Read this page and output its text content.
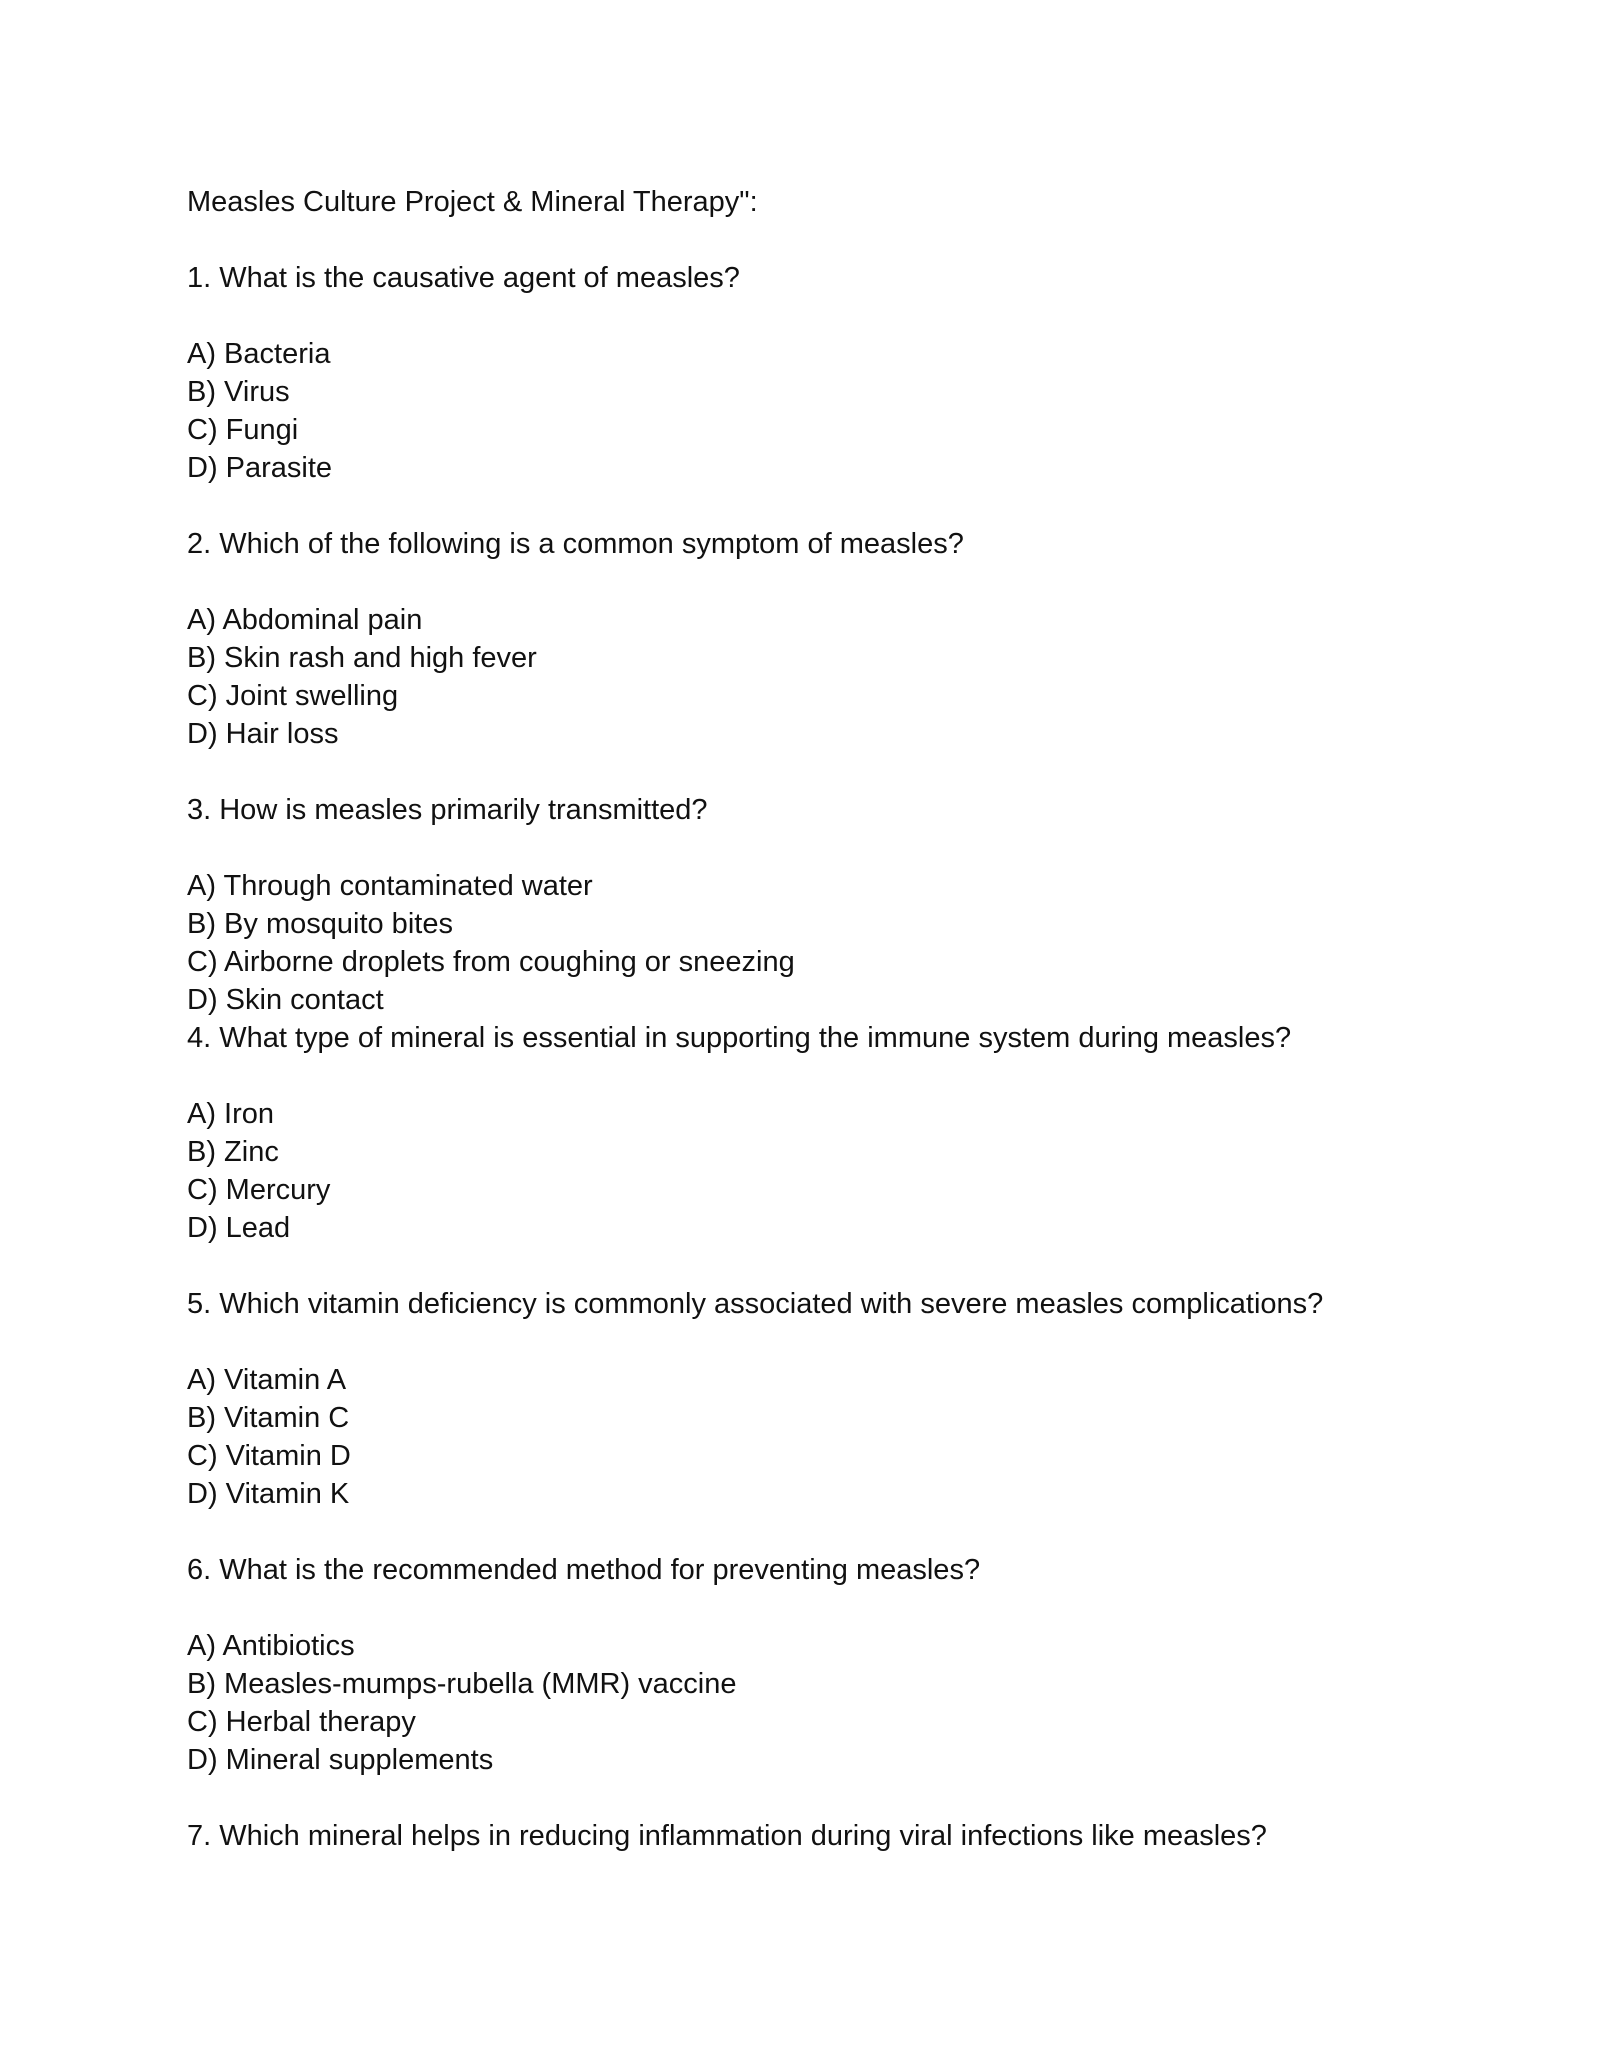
Measles Culture Project & Mineral Therapy":
1. What is the causative agent of measles?
A) Bacteria
B) Virus
C) Fungi
D) Parasite
2. Which of the following is a common symptom of measles?
A) Abdominal pain
B) Skin rash and high fever
C) Joint swelling
D) Hair loss
3. How is measles primarily transmitted?
A) Through contaminated water
B) By mosquito bites
C) Airborne droplets from coughing or sneezing
D) Skin contact
4. What type of mineral is essential in supporting the immune system during measles?
A) Iron
B) Zinc
C) Mercury
D) Lead
5. Which vitamin deficiency is commonly associated with severe measles complications?
A) Vitamin A
B) Vitamin C
C) Vitamin D
D) Vitamin K
6. What is the recommended method for preventing measles?
A) Antibiotics
B) Measles-mumps-rubella (MMR) vaccine
C) Herbal therapy
D) Mineral supplements
7. Which mineral helps in reducing inflammation during viral infections like measles?
